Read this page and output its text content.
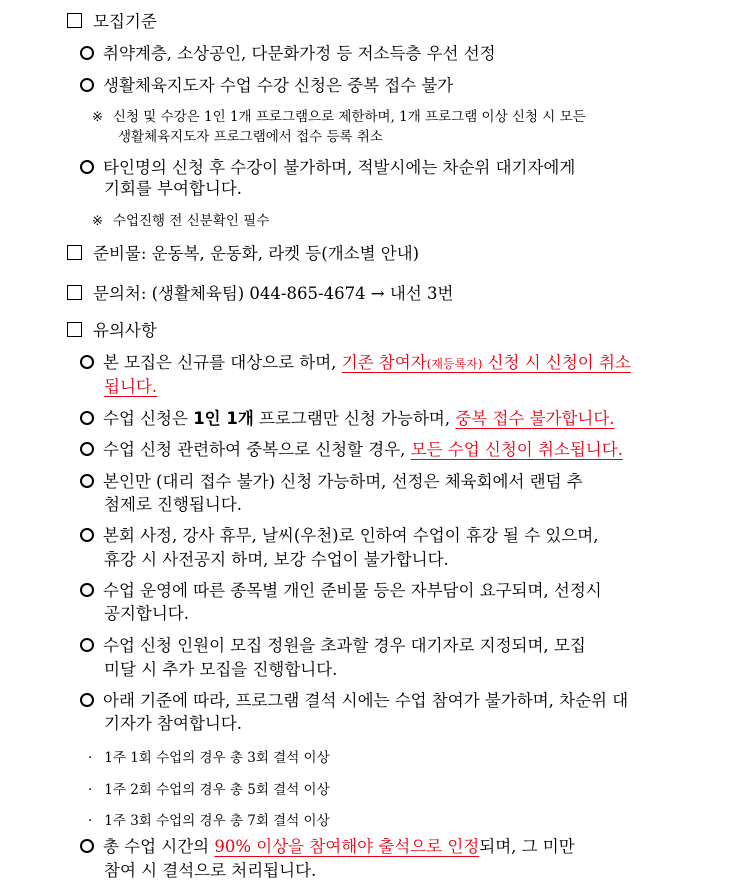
모집기준
취약계층, 소상공인, 다문화가정 등 저소득층 우선 선정
생활체육지도자 수업 수강 신청은 중복 접수 불가
※ 신청 및 수강은 1인 1개 프로그램으로 제한하며, 1개 프로그램 이상 신청 시 모든
생활체육지도자 프로그램에서 접수 등록 취소
타인명의 신청 후 수강이 불가하며, 적발시에는 차순위 대기자에게
기회를 부여합니다.
※ 수업진행 전 신분확인 필수
준비물: 운동복, 운동화, 라켓 등(개소별 안내)
문의처: (생활체육팀) 044-865-4674 → 내선 3번
유의사항
본 모집은 신규를 대상으로 하며, 기존 참여자(재등록자) 신청 시 신청이 취소
됩니다.
수업 신청은 1인 1개 프로그램만 신청 가능하며, 중복 접수 불가합니다.
수업 신청 관련하여 중복으로 신청할 경우, 모든 수업 신청이 취소됩니다.
본인만 (대리 접수 불가) 신청 가능하며, 선정은 체육회에서 랜덤 추
첨제로 진행됩니다.
본회 사정, 강사 휴무, 날씨(우천)로 인하여 수업이 휴강 될 수 있으며,
휴강 시 사전공지 하며, 보강 수업이 불가합니다.
수업 운영에 따른 종목별 개인 준비물 등은 자부담이 요구되며, 선정시
공지합니다.
수업 신청 인원이 모집 정원을 초과할 경우 대기자로 지정되며, 모집
미달 시 추가 모집을 진행합니다.
아래 기준에 따라, 프로그램 결석 시에는 수업 참여가 불가하며, 차순위 대
기자가 참여합니다.
· 1주 1회 수업의 경우 총 3회 결석 이상
· 1주 2회 수업의 경우 총 5회 결석 이상
· 1주 3회 수업의 경우 총 7회 결석 이상
총 수업 시간의 90% 이상을 참여해야 출석으로 인정되며, 그 미만
참여 시 결석으로 처리됩니다.
